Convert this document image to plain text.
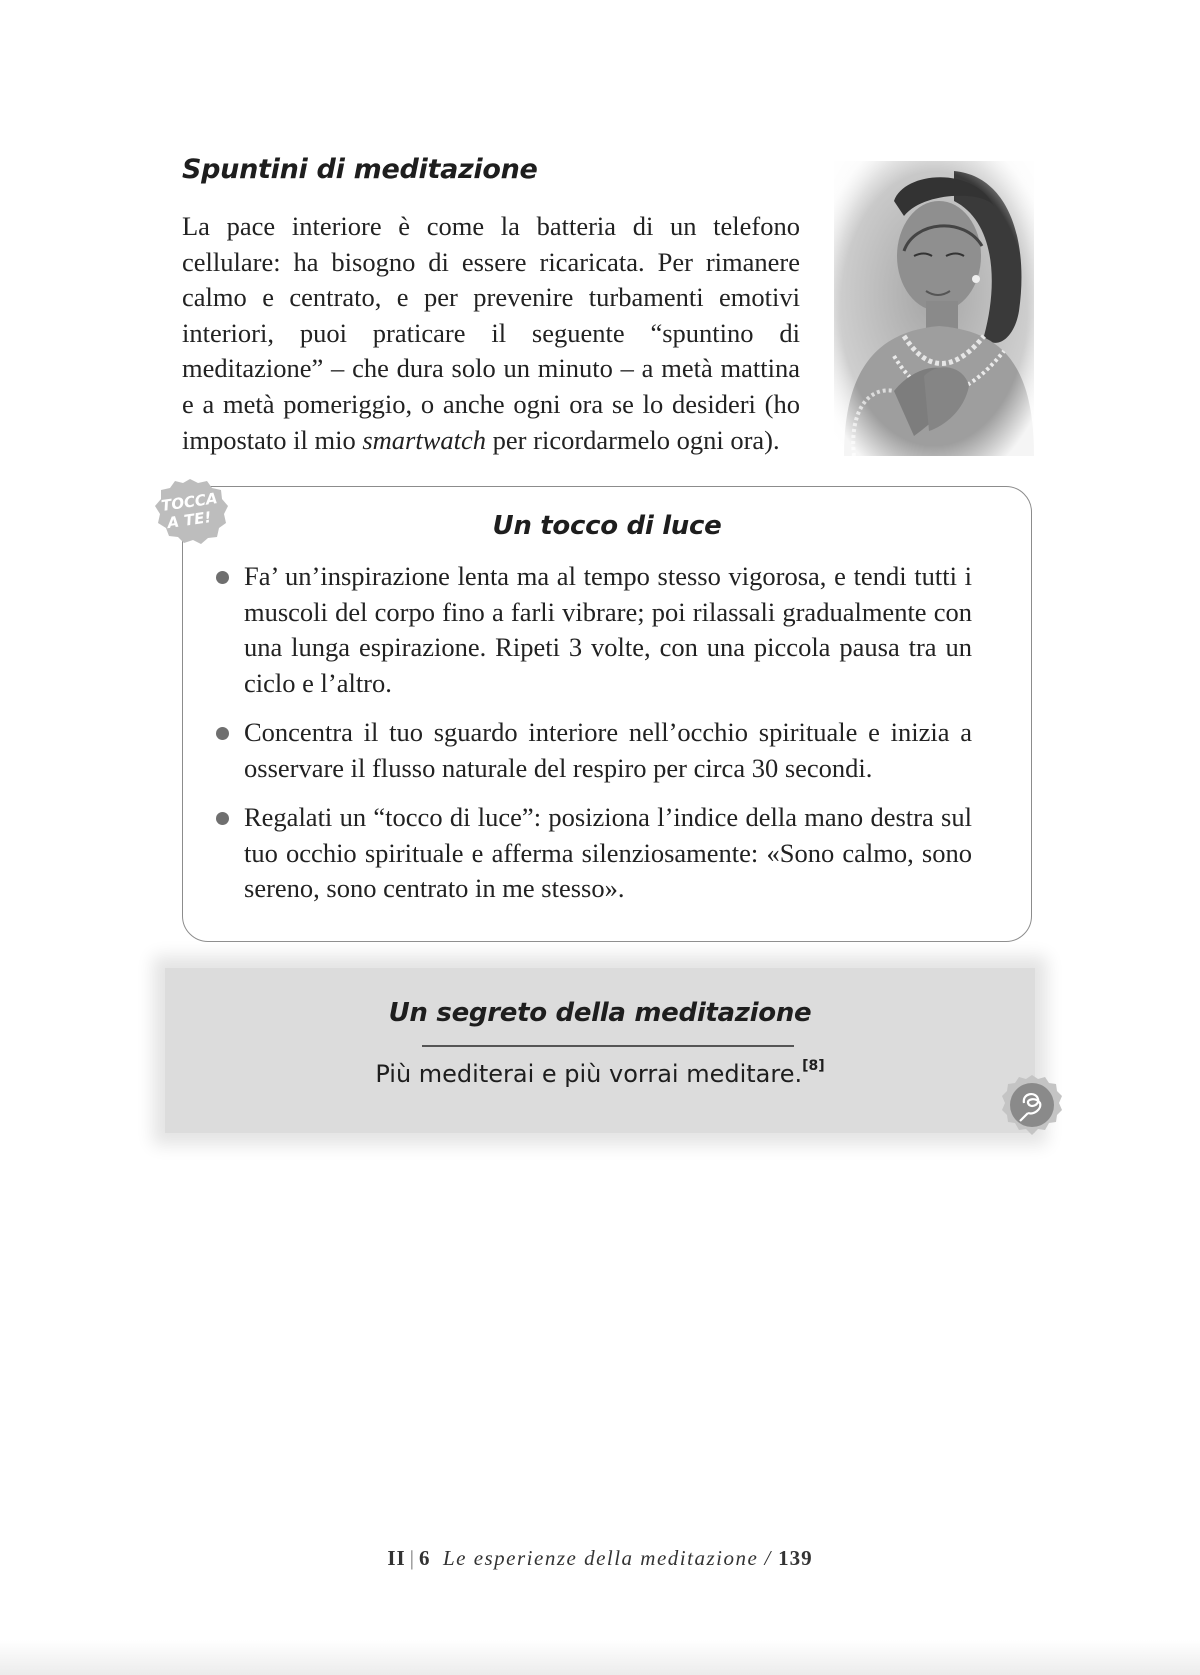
Spuntini di meditazione

La pace interiore è come la batteria di un telefono cellulare: ha bisogno di essere ricaricata. Per rimanere calmo e centrato, e per prevenire turbamenti emotivi interiori, puoi praticare il seguente “spuntino di meditazione” – che dura solo un minuto – a metà mattina e a metà pomeriggio, o anche ogni ora se lo desideri (ho impostato il mio smartwatch per ricordarmelo ogni ora).

TOCCA
A TE!	Un tocco di luce

Fa’ un’inspirazione lenta ma al tempo stesso vigorosa, e tendi tutti i muscoli del corpo fino a farli vibrare; poi rilassali gradualmente con una lunga espirazione. Ripeti 3 volte, con una piccola pausa tra un ciclo e l’altro.

Concentra il tuo sguardo interiore nell’occhio spirituale e inizia a osservare il flusso naturale del respiro per circa 30 secondi.

Regalati un “tocco di luce”: posiziona l’indice della mano destra sul tuo occhio spirituale e afferma silenziosamente: «Sono calmo, sono sereno, sono centrato in me stesso».

Un segreto della meditazione

Più mediterai e più vorrai meditare.[8]

II | 6 Le esperienze della meditazione / 139
